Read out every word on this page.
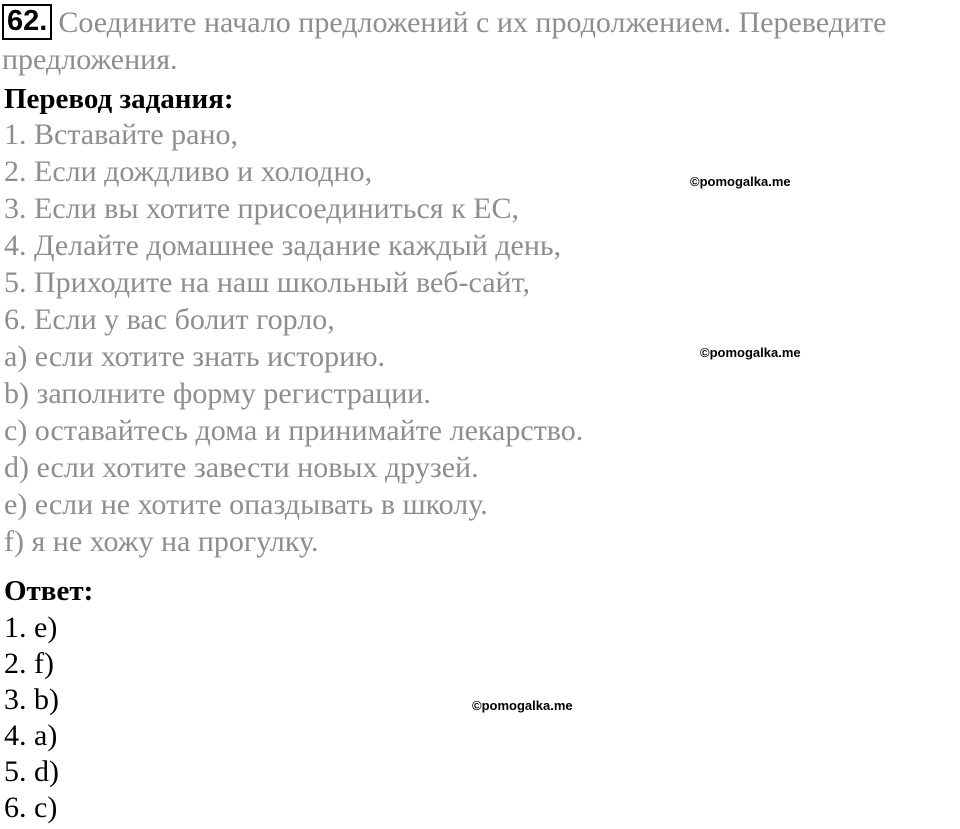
62. Соедините начало предложений с их продолжением. Переведите предложения.
Перевод задания:
1. Вставайте рано,
2. Если дождливо и холодно,
3. Если вы хотите присоединиться к ЕС,
4. Делайте домашнее задание каждый день,
5. Приходите на наш школьный веб-сайт,
6. Если у вас болит горло,
a) если хотите знать историю.
b) заполните форму регистрации.
c) оставайтесь дома и принимайте лекарство.
d) если хотите завести новых друзей.
e) если не хотите опаздывать в школу.
f) я не хожу на прогулку.
Ответ:
1. e)
2. f)
3. b)
4. a)
5. d)
6. c)
©pomogalka.me
©pomogalka.me
©pomogalka.me
